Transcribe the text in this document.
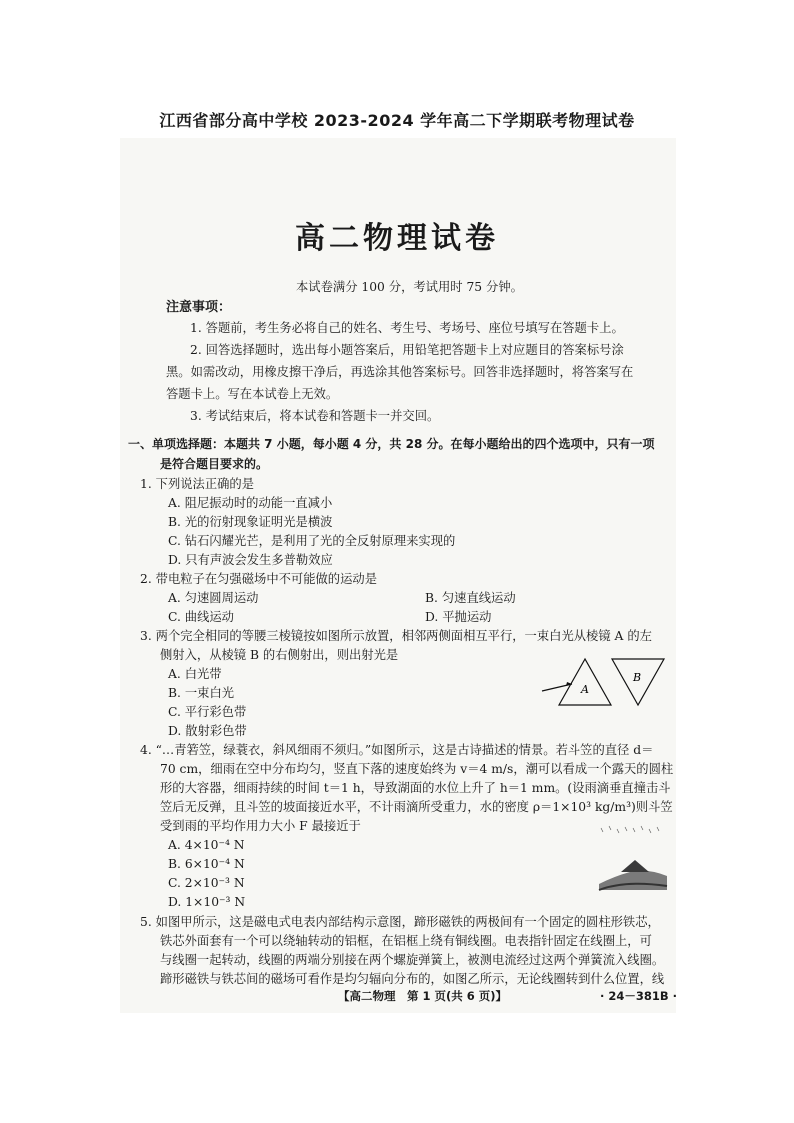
江西省部分高中学校 2023-2024 学年高二下学期联考物理试卷
高二物理试卷
本试卷满分 100 分，考试用时 75 分钟。
注意事项：
1. 答题前，考生务必将自己的姓名、考生号、考场号、座位号填写在答题卡上。
2. 回答选择题时，选出每小题答案后，用铅笔把答题卡上对应题目的答案标号涂
黑。如需改动，用橡皮擦干净后，再选涂其他答案标号。回答非选择题时，将答案写在
答题卡上。写在本试卷上无效。
3. 考试结束后，将本试卷和答题卡一并交回。
一、单项选择题：本题共 7 小题，每小题 4 分，共 28 分。在每小题给出的四个选项中，只有一项
是符合题目要求的。
1. 下列说法正确的是
A. 阻尼振动时的动能一直减小
B. 光的衍射现象证明光是横波
C. 钻石闪耀光芒，是利用了光的全反射原理来实现的
D. 只有声波会发生多普勒效应
2. 带电粒子在匀强磁场中不可能做的运动是
A. 匀速圆周运动	B. 匀速直线运动
C. 曲线运动	D. 平抛运动
3. 两个完全相同的等腰三棱镜按如图所示放置，相邻两侧面相互平行，一束白光从棱镜 A 的左
侧射入，从棱镜 B 的右侧射出，则出射光是
A. 白光带
B. 一束白光
C. 平行彩色带
D. 散射彩色带
A
B
4. “…青箬笠，绿蓑衣，斜风细雨不须归。”如图所示，这是古诗描述的情景。若斗笠的直径 d＝
70 cm，细雨在空中分布均匀，竖直下落的速度始终为 v＝4 m/s，潮可以看成一个露天的圆柱
形的大容器，细雨持续的时间 t＝1 h，导致湖面的水位上升了 h＝1 mm。(设雨滴垂直撞击斗
笠后无反弹，且斗笠的坡面接近水平，不计雨滴所受重力，水的密度 ρ＝1×10³ kg/m³)则斗笠
受到雨的平均作用力大小 F 最接近于
A. 4×10⁻⁴ N
B. 6×10⁻⁴ N
C. 2×10⁻³ N
D. 1×10⁻³ N
5. 如图甲所示，这是磁电式电表内部结构示意图，蹄形磁铁的两极间有一个固定的圆柱形铁芯，
铁芯外面套有一个可以绕轴转动的铝框，在铝框上绕有铜线圈。电表指针固定在线圈上，可
与线圈一起转动，线圈的两端分别接在两个螺旋弹簧上，被测电流经过这两个弹簧流入线圈。
蹄形磁铁与铁芯间的磁场可看作是均匀辐向分布的，如图乙所示，无论线圈转到什么位置，线
【高二物理　第 1 页(共 6 页)】	· 24－381B ·
